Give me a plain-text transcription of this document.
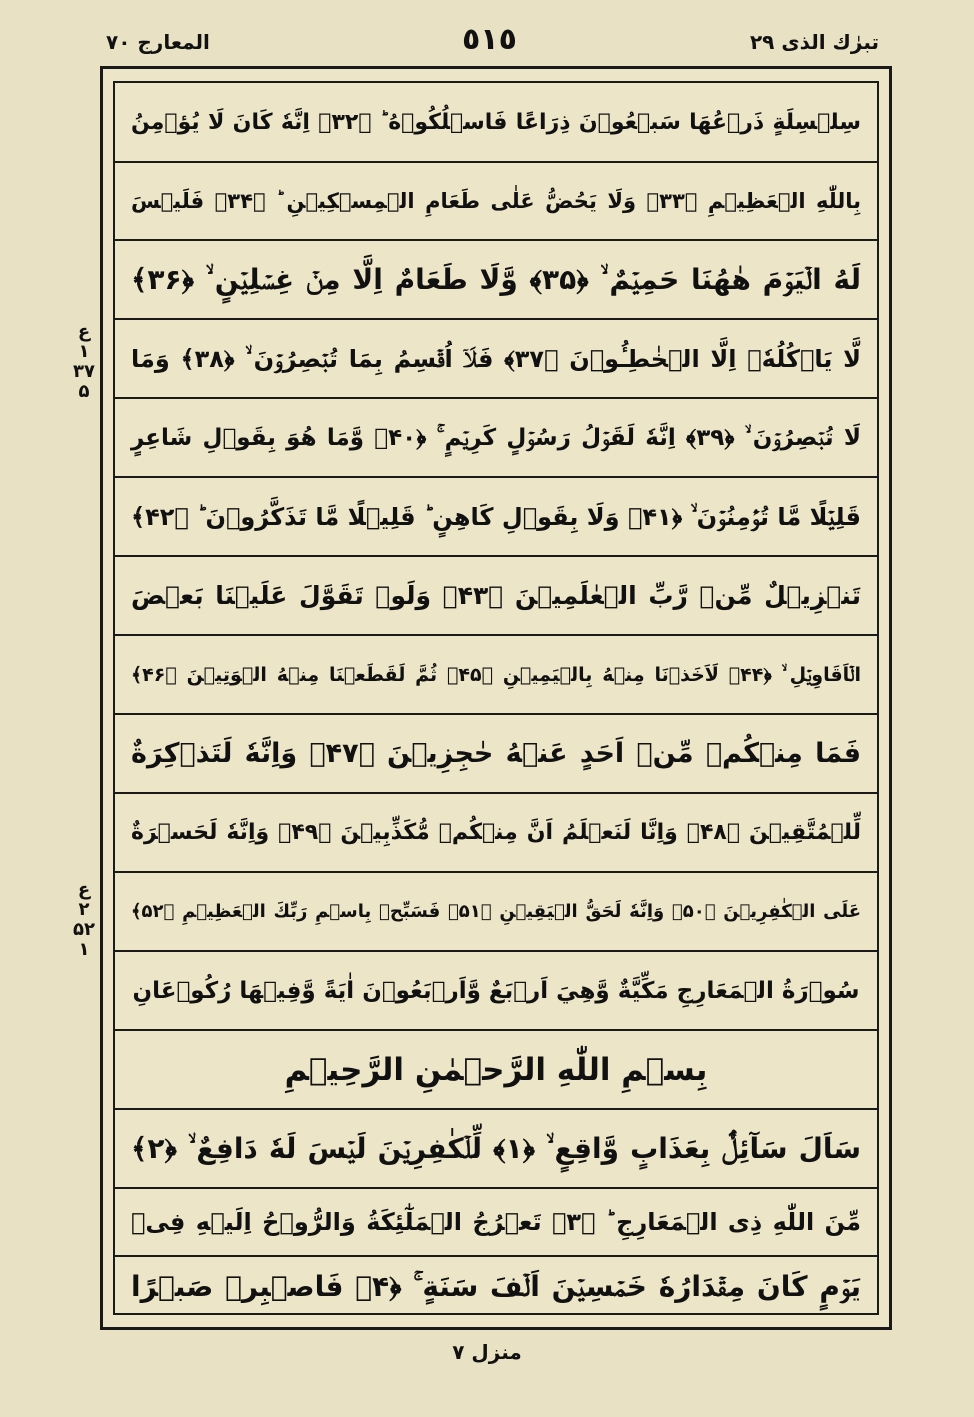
تبرٰك الذى ٢٩
٥١٥
المعارج ٧٠
ع ۱ ۳۷ ۵
ع ۲ ۵۲ ۱
سِلۡسِلَةٍ ذَرۡعُهَا سَبۡعُوۡنَ ذِرَاعًا فَاسۡلُكُوۡهُ ؕ ﴿۳۲﴾ اِنَّهٗ كَانَ لَا يُؤۡمِنُ
بِاللّٰهِ الۡعَظِيۡمِ ﴿۳۳﴾ وَلَا يَحُضُّ عَلٰى طَعَامِ الۡمِسۡكِيۡنِ ؕ ﴿۳۴﴾ فَلَيۡسَ
لَهُ الۡيَوۡمَ هٰهُنَا حَمِيۡمٌ ۙ ﴿۳۵﴾ وَّلَا طَعَامٌ اِلَّا مِنۡ غِسۡلِيۡنٍ ۙ ﴿۳۶﴾
لَّا يَاۡكُلُهٗۤ اِلَّا الۡخٰطِـُٔوۡنَ ﴿۳۷﴾ فَلَاۤ اُقۡسِمُ بِمَا تُبۡصِرُوۡنَ ۙ ﴿۳۸﴾ وَمَا
لَا تُبۡصِرُوۡنَ ۙ ﴿۳۹﴾ اِنَّهٗ لَقَوۡلُ رَسُوۡلٍ كَرِيۡمٍ ۚ ﴿۴۰﴾ وَّمَا هُوَ بِقَوۡلِ شَاعِرٍ
قَلِيۡلًا مَّا تُؤۡمِنُوۡنَ ۙ ﴿۴۱﴾ وَلَا بِقَوۡلِ كَاهِنٍ ؕ قَلِيۡلًا مَّا تَذَكَّرُوۡنَ ؕ ﴿۴۲﴾
تَنۡزِيۡلٌ مِّنۡ رَّبِّ الۡعٰلَمِيۡنَ ﴿۴۳﴾ وَلَوۡ تَقَوَّلَ عَلَيۡنَا بَعۡضَ
الۡاَقَاوِيۡلِ ۙ ﴿۴۴﴾ لَاَخَذۡنَا مِنۡهُ بِالۡيَمِيۡنِ ﴿۴۵﴾ ثُمَّ لَقَطَعۡنَا مِنۡهُ الۡوَتِيۡنَ ﴿۴۶﴾
فَمَا مِنۡكُمۡ مِّنۡ اَحَدٍ عَنۡهُ حٰجِزِيۡنَ ﴿۴۷﴾ وَاِنَّهٗ لَتَذۡكِرَةٌ
لِّلۡمُتَّقِيۡنَ ﴿۴۸﴾ وَاِنَّا لَنَعۡلَمُ اَنَّ مِنۡكُمۡ مُّكَذِّبِيۡنَ ﴿۴۹﴾ وَاِنَّهٗ لَحَسۡرَةٌ
عَلَى الۡكٰفِرِيۡنَ ﴿۵۰﴾ وَاِنَّهٗ لَحَقُّ الۡيَقِيۡنِ ﴿۵۱﴾ فَسَبِّحۡ بِاسۡمِ رَبِّكَ الۡعَظِيۡمِ ﴿۵۲﴾
سُوۡرَةُ الۡمَعَارِجِ مَكِّيَّةٌ وَّهِيَ اَرۡبَعٌ وَّاَرۡبَعُوۡنَ اٰيَةً وَّفِيۡهَا رُكُوۡعَانِ
بِسۡمِ اللّٰهِ الرَّحۡمٰنِ الرَّحِيۡمِ
سَاَلَ سَآئِلٌۢ بِعَذَابٍ وَّاقِعٍ ۙ ﴿۱﴾ لِّلۡكٰفِرِيۡنَ لَيۡسَ لَهٗ دَافِعٌ ۙ ﴿۲﴾
مِّنَ اللّٰهِ ذِى الۡمَعَارِجِ ؕ ﴿۳﴾ تَعۡرُجُ الۡمَلٰٓئِكَةُ وَالرُّوۡحُ اِلَيۡهِ فِىۡ
يَوۡمٍ كَانَ مِقۡدَارُهٗ خَمۡسِيۡنَ اَلۡفَ سَنَةٍ ۚ ﴿۴﴾ فَاصۡبِرۡ صَبۡرًا
منزل ۷
